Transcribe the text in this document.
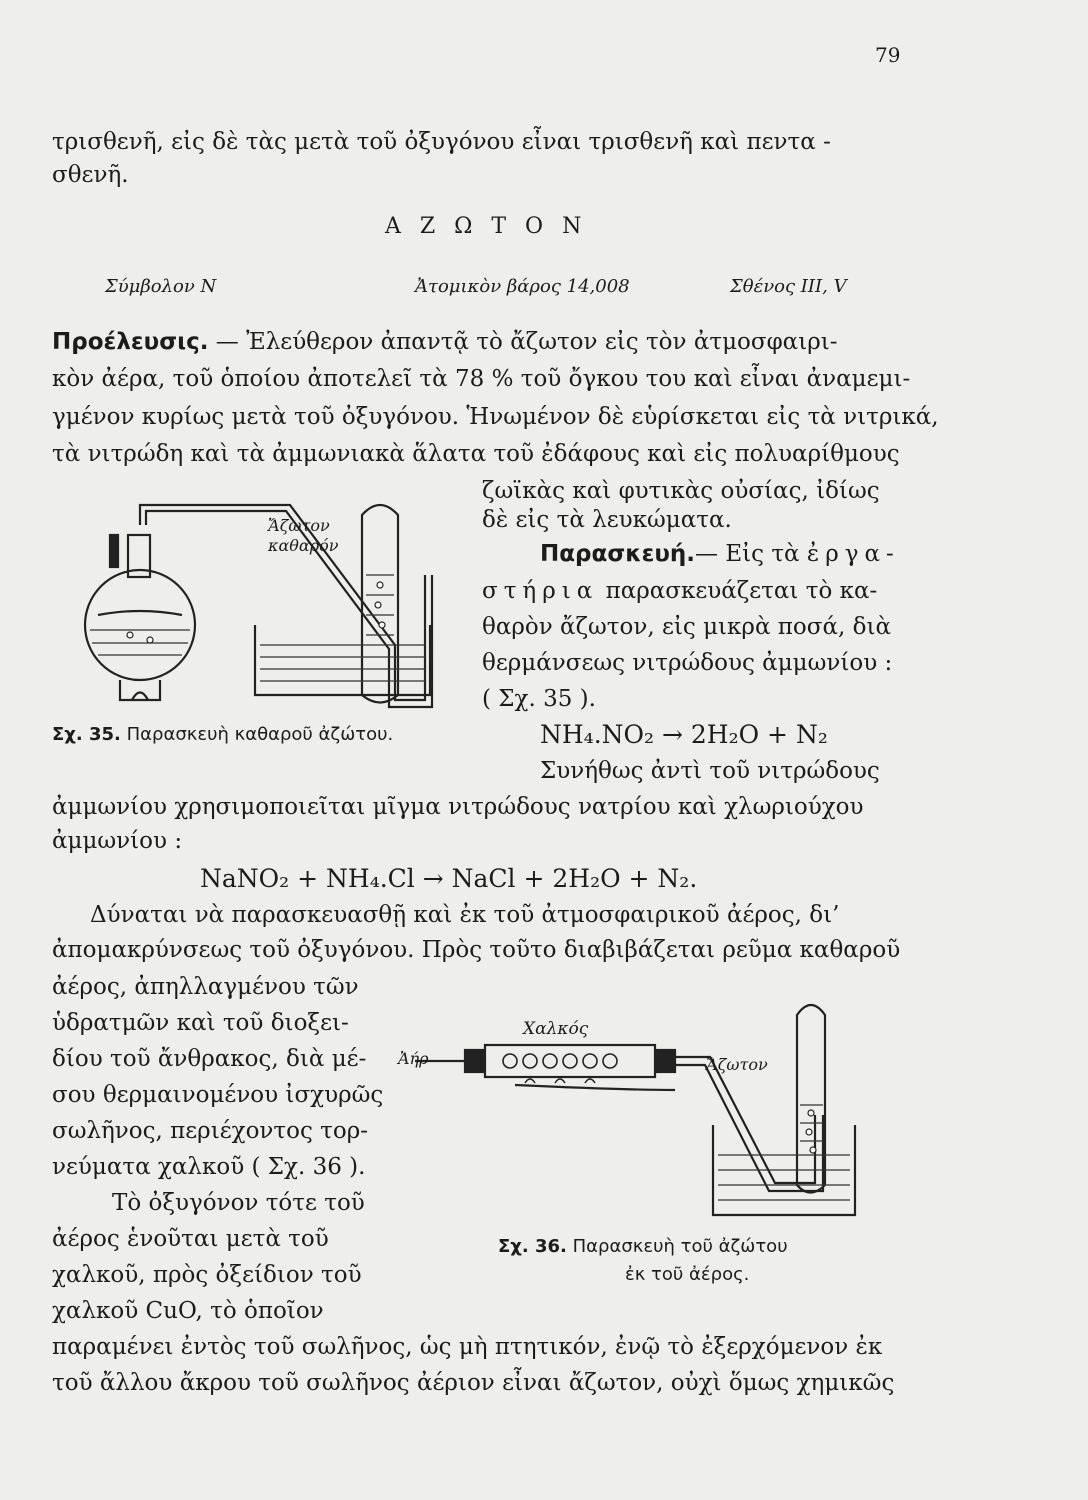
79
τρισθενῆ, εἰς δὲ τὰς μετὰ τοῦ ὀξυγόνου εἶναι τρισθενῆ καὶ πεντα -
σθενῆ.
Α Ζ Ω Τ Ο Ν
Σύμβολον N	Ἀτομικὸν βάρος 14,008	Σθένος III, V
Προέλευσις. — Ἐλεύθερον ἀπαντᾷ τὸ ἄζωτον εἰς τὸν ἀτμοσφαιρι-
κὸν ἀέρα, τοῦ ὁποίου ἀποτελεῖ τὰ 78 % τοῦ ὄγκου του καὶ εἶναι ἀναμεμι-
γμένον κυρίως μετὰ τοῦ ὀξυγόνου. Ἡνωμένον δὲ εὑρίσκεται εἰς τὰ νιτρικά,
τὰ νιτρώδη καὶ τὰ ἀμμωνιακὰ ἅλατα τοῦ ἐδάφους καὶ εἰς πολυαρίθμους
ζωϊκὰς καὶ φυτικὰς οὐσίας, ἰδίως
δὲ εἰς τὰ λευκώματα.
Ἄζωτον καθαρόν
Σχ. 35. Παρασκευὴ καθαροῦ ἀζώτου.
Παρασκευή.— Εἰς τὰ ἐργα-
στήρια παρασκευάζεται τὸ κα-
θαρὸν ἄζωτον, εἰς μικρὰ ποσά, διὰ
θερμάνσεως νιτρώδους ἀμμωνίου :
( Σχ. 35 ).
NH₄.NO₂ → 2H₂O + N₂
Συνήθως ἀντὶ τοῦ νιτρώδους
ἀμμωνίου χρησιμοποιεῖται μῖγμα νιτρώδους νατρίου καὶ χλωριούχου
ἀμμωνίου :
NaNO₂ + NH₄.Cl → NaCl + 2H₂O + N₂.
Δύναται νὰ παρασκευασθῇ καὶ ἐκ τοῦ ἀτμοσφαιρικοῦ ἀέρος, δι’
ἀπομακρύνσεως τοῦ ὀξυγόνου. Πρὸς τοῦτο διαβιβάζεται ρεῦμα καθαροῦ
ἀέρος, ἀπηλλαγμένου τῶν
ὑδρατμῶν καὶ τοῦ διοξει-
δίου τοῦ ἄνθρακος, διὰ μέ-
σου θερμαινομένου ἰσχυρῶς
σωλῆνος, περιέχοντος τορ-
νεύματα χαλκοῦ ( Σχ. 36 ).
Τὸ ὀξυγόνον τότε τοῦ
ἀέρος ἑνοῦται μετὰ τοῦ
χαλκοῦ, πρὸς ὀξείδιον τοῦ
χαλκοῦ CuO, τὸ ὁποῖον
Χαλκός
Ἀήρ	Ἄζωτον
Σχ. 36. Παρασκευὴ τοῦ ἀζώτου
ἐκ τοῦ ἀέρος.
παραμένει ἐντὸς τοῦ σωλῆνος, ὡς μὴ πτητικόν, ἐνῷ τὸ ἐξερχόμενον ἐκ
τοῦ ἄλλου ἄκρου τοῦ σωλῆνος ἀέριον εἶναι ἄζωτον, οὐχὶ ὅμως χημικῶς
